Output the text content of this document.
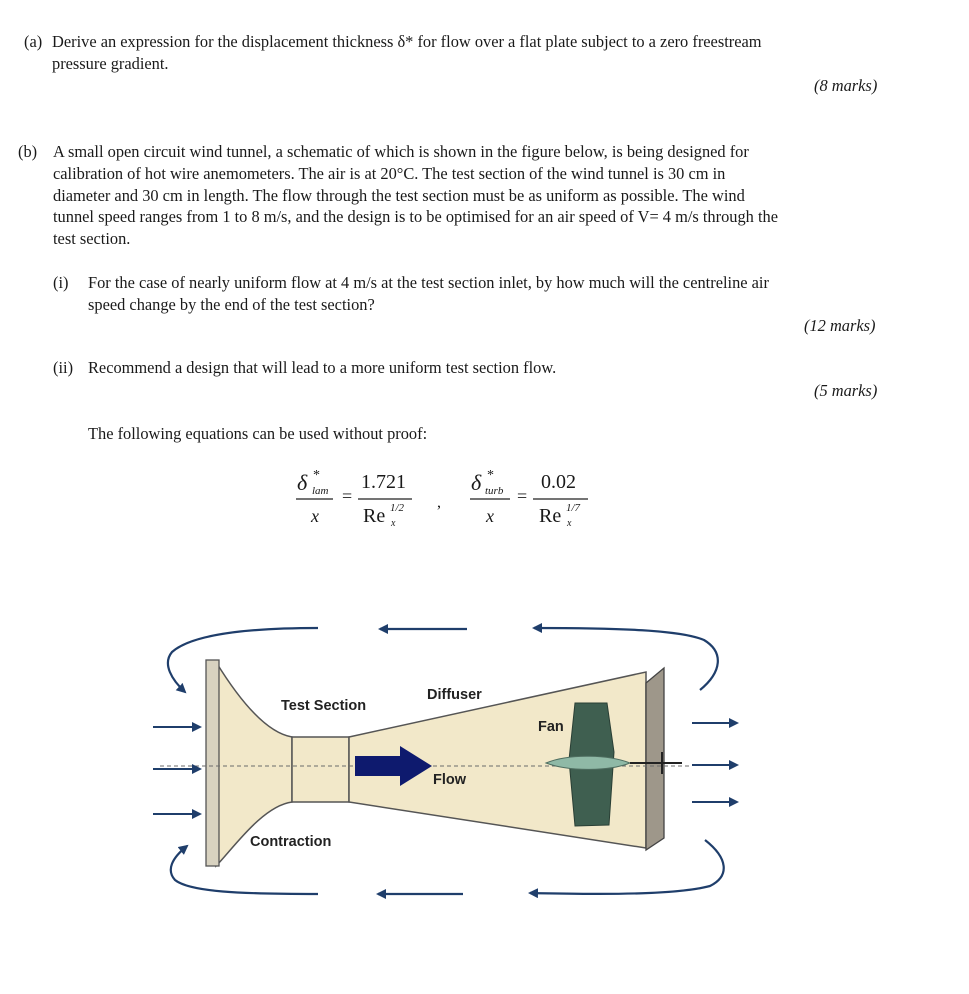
(a) Derive an expression for the displacement thickness δ* for flow over a flat plate subject to a zero freestream
pressure gradient.
(8 marks)
(b) A small open circuit wind tunnel, a schematic of which is shown in the figure below, is being designed for
calibration of hot wire anemometers. The air is at 20°C. The test section of the wind tunnel is 30 cm in
diameter and 30 cm in length. The flow through the test section must be as uniform as possible. The wind
tunnel speed ranges from 1 to 8 m/s, and the design is to be optimised for an air speed of V= 4 m/s through the
test section.
(i) For the case of nearly uniform flow at 4 m/s at the test section inlet, by how much will the centreline air
speed change by the end of the test section?
(12 marks)
(ii) Recommend a design that will lead to a more uniform test section flow.
(5 marks)
The following equations can be used without proof:
δ *
lam
x
=
1.721
Re 1/2
x
,
δ *
turb
x
=
0.02
Re 1/7
x
Test Section
Diffuser
Fan
Flow
Contraction
